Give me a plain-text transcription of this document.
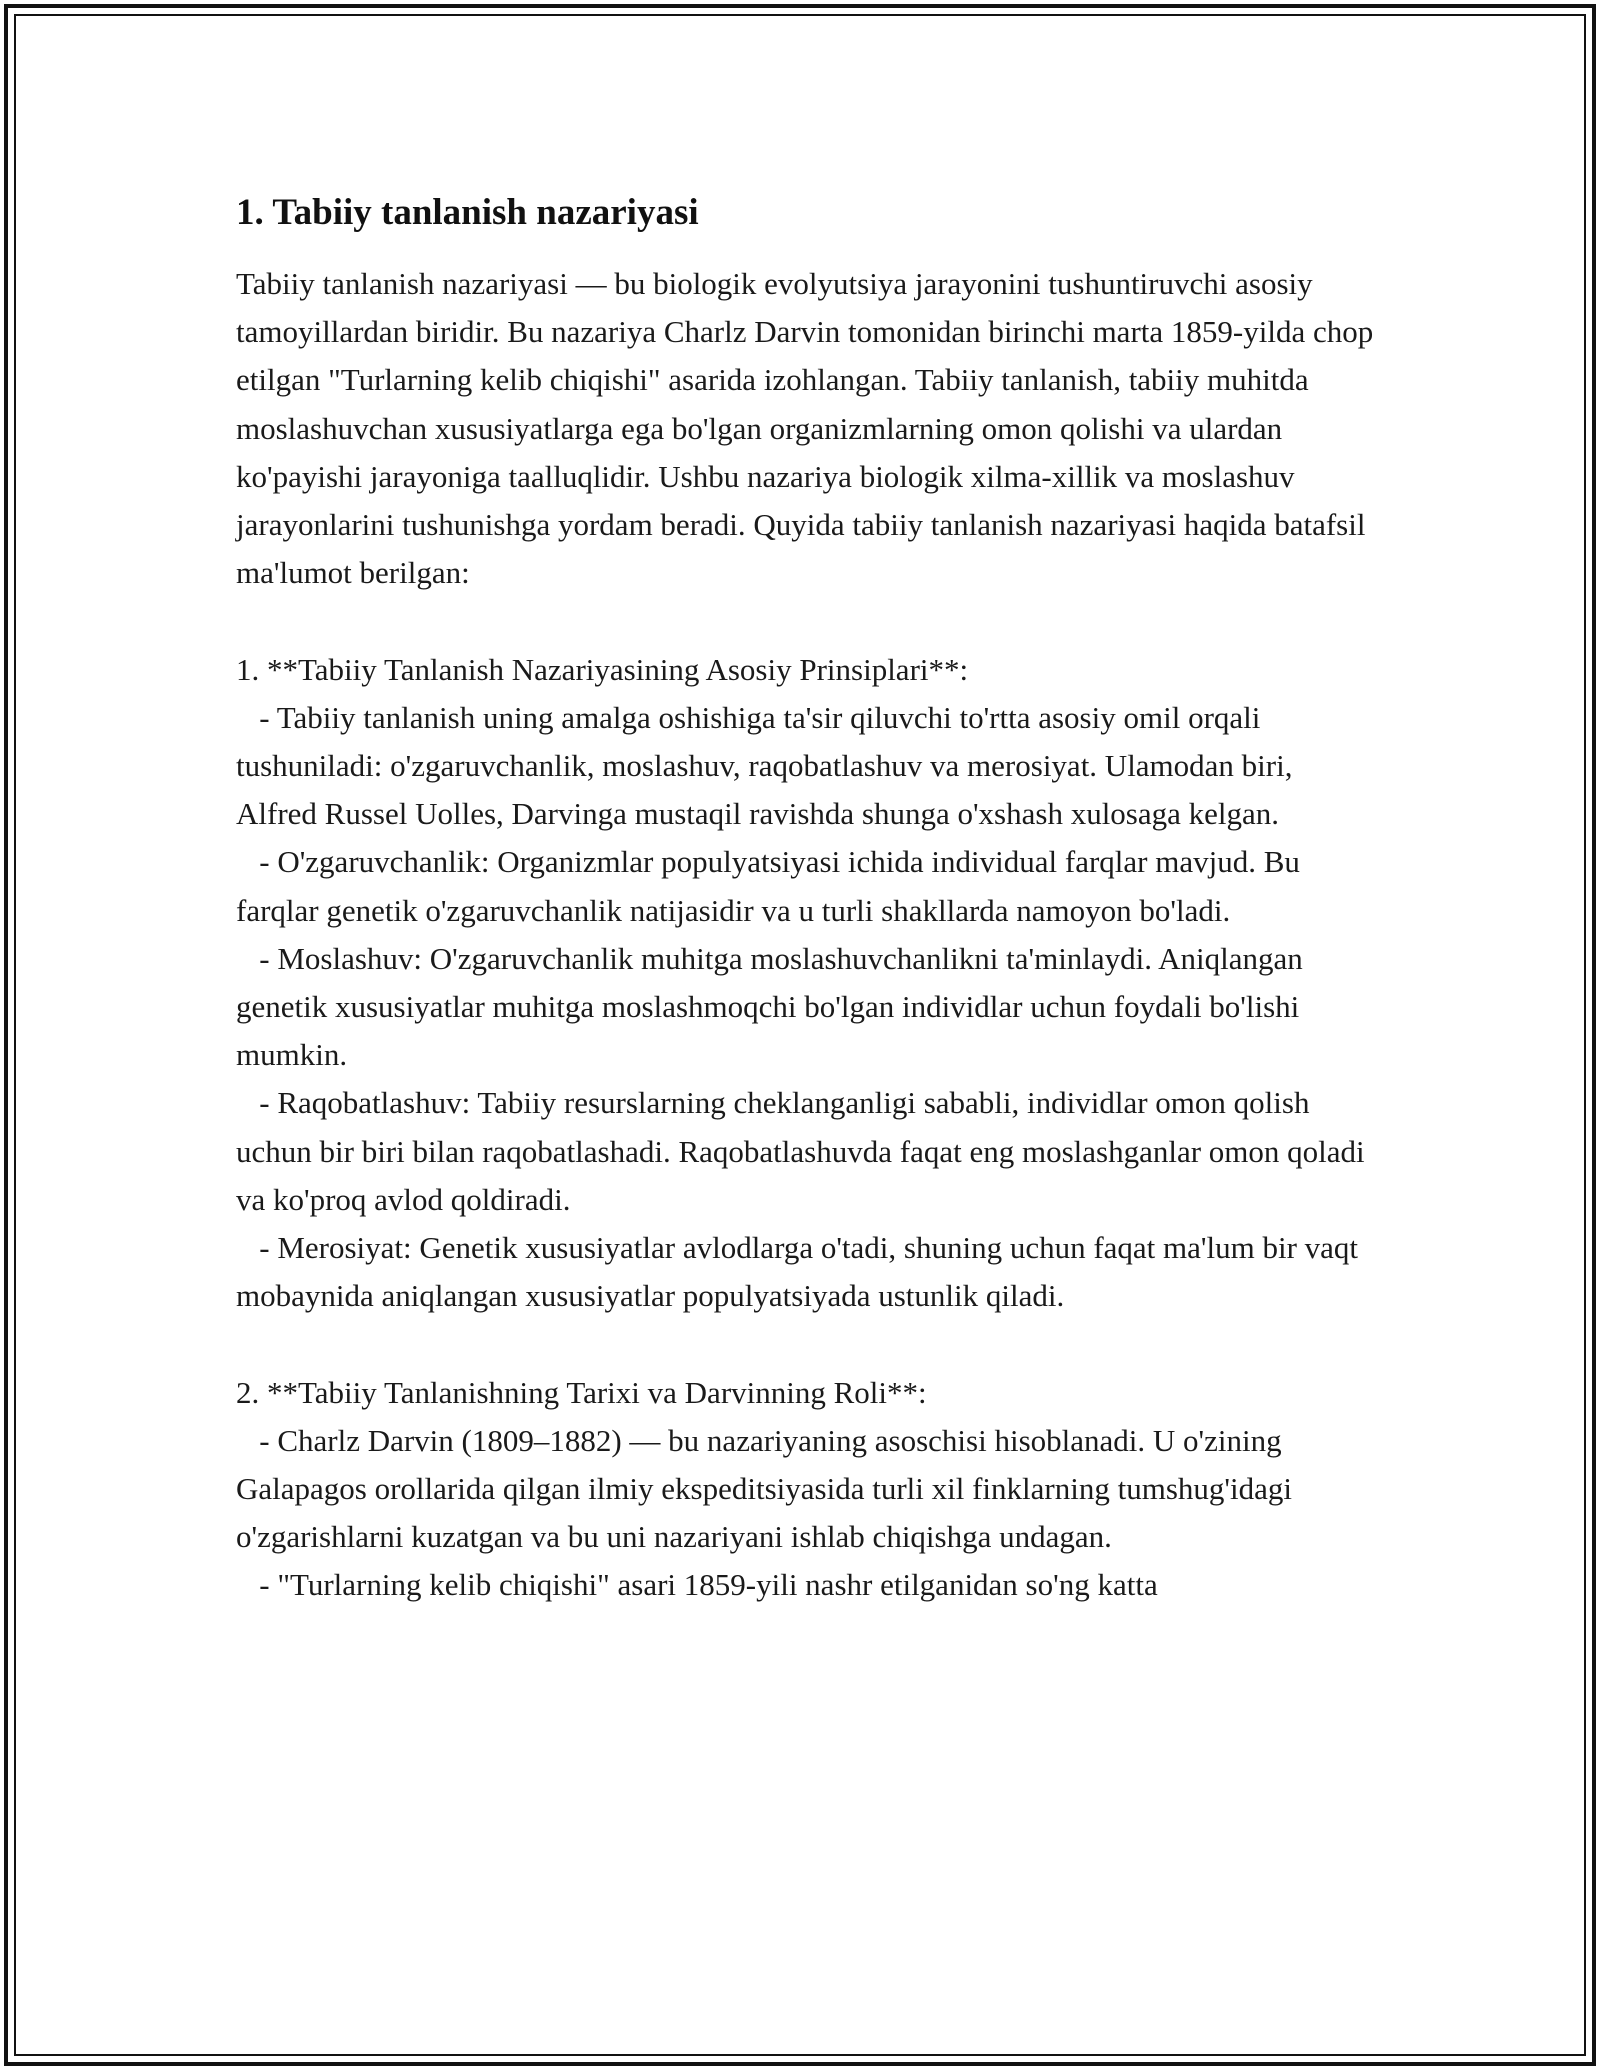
1. Tabiiy tanlanish nazariyasi

Tabiiy tanlanish nazariyasi — bu biologik evolyutsiya jarayonini tushuntiruvchi asosiy tamoyillardan biridir. Bu nazariya Charlz Darvin tomonidan birinchi marta 1859-yilda chop etilgan "Turlarning kelib chiqishi" asarida izohlangan. Tabiiy tanlanish, tabiiy muhitda moslashuvchan xususiyatlarga ega bo'lgan organizmlarning omon qolishi va ulardan ko'payishi jarayoniga taalluqlidir. Ushbu nazariya biologik xilma-xillik va moslashuv jarayonlarini tushunishga yordam beradi. Quyida tabiiy tanlanish nazariyasi haqida batafsil ma'lumot berilgan:

1. **Tabiiy Tanlanish Nazariyasining Asosiy Prinsiplari**:
- Tabiiy tanlanish uning amalga oshishiga ta'sir qiluvchi to'rtta asosiy omil orqali tushuniladi: o'zgaruvchanlik, moslashuv, raqobatlashuv va merosiyat. Ulamodan biri, Alfred Russel Uolles, Darvinga mustaqil ravishda shunga o'xshash xulosaga kelgan.
- O'zgaruvchanlik: Organizmlar populyatsiyasi ichida individual farqlar mavjud. Bu farqlar genetik o'zgaruvchanlik natijasidir va u turli shakllarda namoyon bo'ladi.
- Moslashuv: O'zgaruvchanlik muhitga moslashuvchanlikni ta'minlaydi. Aniqlangan genetik xususiyatlar muhitga moslashmoqchi bo'lgan individlar uchun foydali bo'lishi mumkin.
- Raqobatlashuv: Tabiiy resurslarning cheklanganligi sababli, individlar omon qolish uchun bir biri bilan raqobatlashadi. Raqobatlashuvda faqat eng moslashganlar omon qoladi va ko'proq avlod qoldiradi.
- Merosiyat: Genetik xususiyatlar avlodlarga o'tadi, shuning uchun faqat ma'lum bir vaqt mobaynida aniqlangan xususiyatlar populyatsiyada ustunlik qiladi.

2. **Tabiiy Tanlanishning Tarixi va Darvinning Roli**:
- Charlz Darvin (1809–1882) — bu nazariyaning asoschisi hisoblanadi. U o'zining Galapagos orollarida qilgan ilmiy ekspeditsiyasida turli xil finklarning tumshug'idagi o'zgarishlarni kuzatgan va bu uni nazariyani ishlab chiqishga undagan.
- "Turlarning kelib chiqishi" asari 1859-yili nashr etilganidan so'ng katta
